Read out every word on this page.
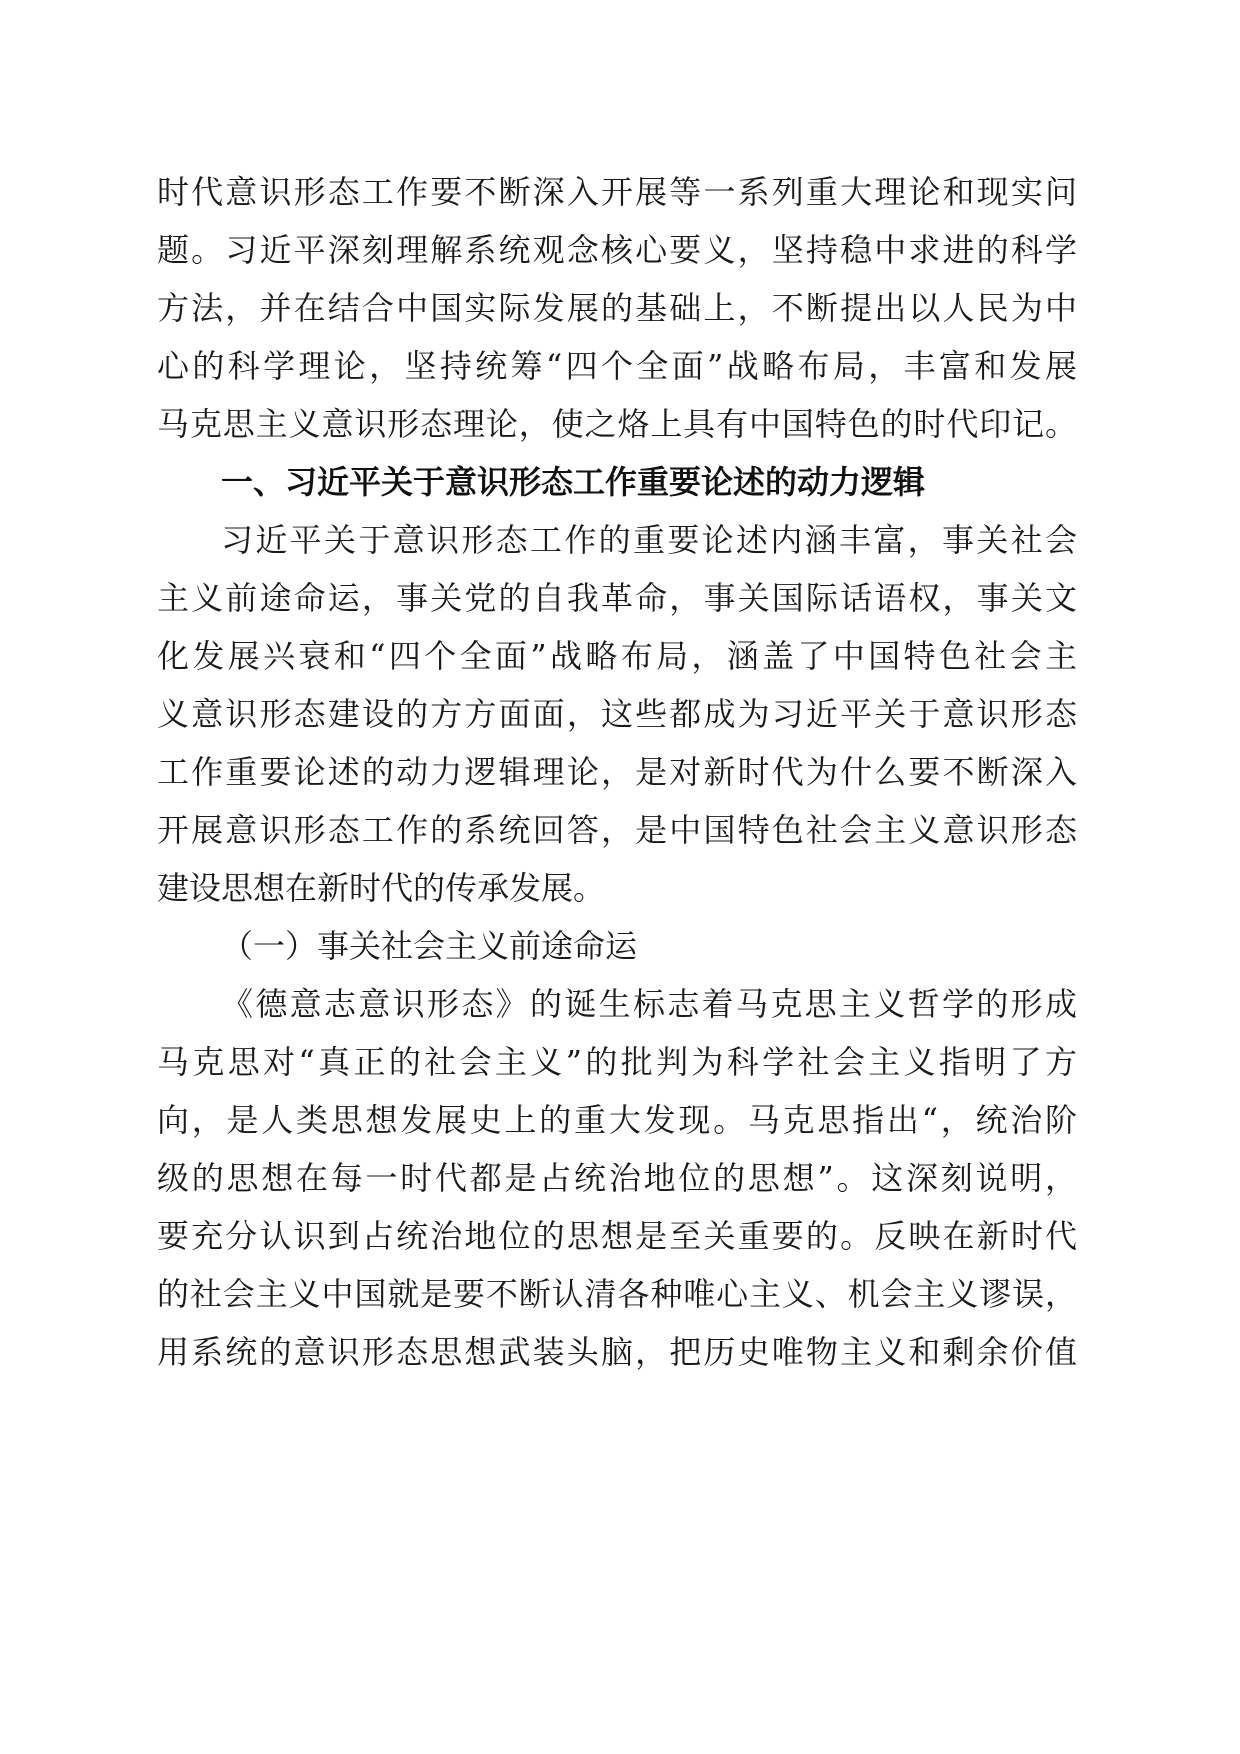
时代意识形态工作要不断深入开展等一系列重大理论和现实问
题。习近平深刻理解系统观念核心要义，坚持稳中求进的科学
方法，并在结合中国实际发展的基础上，不断提出以人民为中
心的科学理论，坚持统筹“四个全面”战略布局，丰富和发展
马克思主义意识形态理论，使之烙上具有中国特色的时代印记。
一、习近平关于意识形态工作重要论述的动力逻辑
习近平关于意识形态工作的重要论述内涵丰富，事关社会
主义前途命运，事关党的自我革命，事关国际话语权，事关文
化发展兴衰和“四个全面”战略布局，涵盖了中国特色社会主
义意识形态建设的方方面面，这些都成为习近平关于意识形态
工作重要论述的动力逻辑理论，是对新时代为什么要不断深入
开展意识形态工作的系统回答，是中国特色社会主义意识形态
建设思想在新时代的传承发展。
（一）事关社会主义前途命运
《德意志意识形态》的诞生标志着马克思主义哲学的形成
马克思对“真正的社会主义”的批判为科学社会主义指明了方
向，是人类思想发展史上的重大发现。马克思指出“，统治阶
级的思想在每一时代都是占统治地位的思想”。这深刻说明，
要充分认识到占统治地位的思想是至关重要的。反映在新时代
的社会主义中国就是要不断认清各种唯心主义、机会主义谬误，
用系统的意识形态思想武装头脑，把历史唯物主义和剩余价值
